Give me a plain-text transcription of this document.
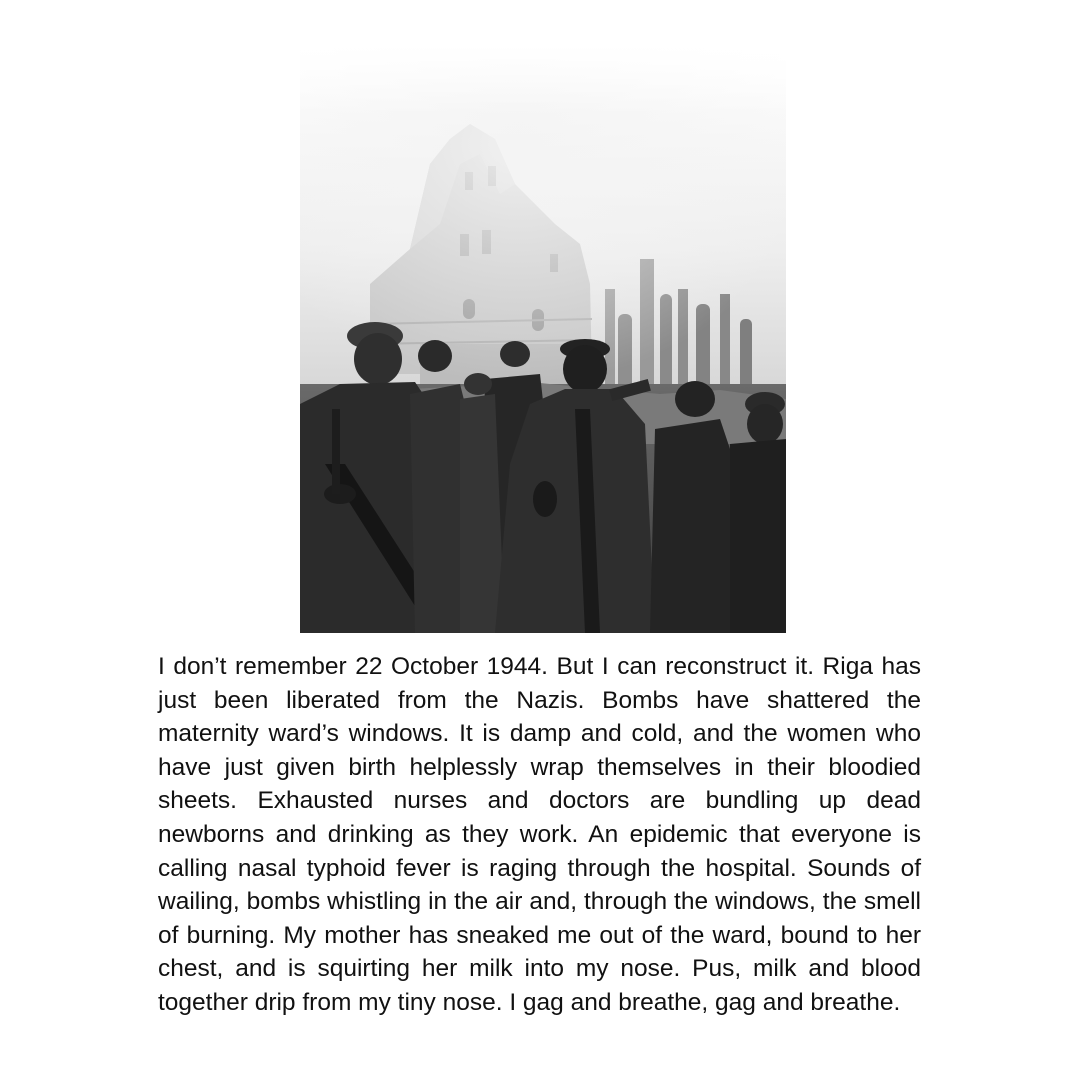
I don’t remember 22 October 1944. But I can reconstruct it. Riga has just been liberated from the Nazis. Bombs have shattered the maternity ward’s windows. It is damp and cold, and the women who have just given birth helplessly wrap themselves in their bloodied sheets. Exhausted nurses and doctors are bundling up dead newborns and drinking as they work. An epidemic that everyone is calling nasal typhoid fever is raging through the hospital. Sounds of wailing, bombs whistling in the air and, through the windows, the smell of burning. My mother has sneaked me out of the ward, bound to her chest, and is squirting her milk into my nose. Pus, milk and blood together drip from my tiny nose. I gag and breathe, gag and breathe.
